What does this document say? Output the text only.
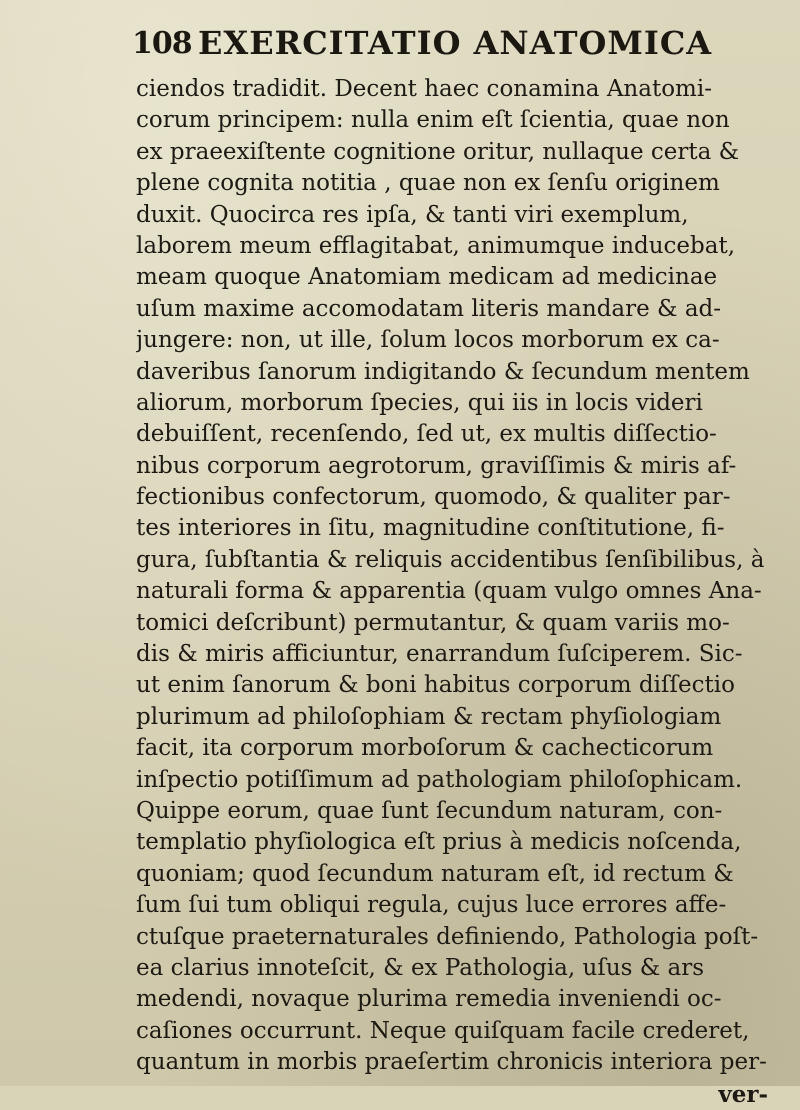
108 EXERCITATIO ANATOMICA
ciendos tradidit. Decent haec conamina Anatomi-
corum principem: nulla enim eſt ſcientia, quae non
ex praeexiſtente cognitione oritur, nullaque certa &
plene cognita notitia , quae non ex ſenſu originem
duxit. Quocirca res ipſa, & tanti viri exemplum,
laborem meum efflagitabat, animumque inducebat,
meam quoque Anatomiam medicam ad medicinae
uſum maxime accomodatam literis mandare & ad-
jungere: non, ut ille, ſolum locos morborum ex ca-
daveribus ſanorum indigitando & ſecundum mentem
aliorum, morborum ſpecies, qui iis in locis videri
debuiſſent, recenſendo, ſed ut, ex multis diſſectio-
nibus corporum aegrotorum, graviſſimis & miris af-
fectionibus confectorum, quomodo, & qualiter par-
tes interiores in ſitu, magnitudine conſtitutione, fi-
gura, ſubſtantia & reliquis accidentibus ſenſibilibus, à
naturali forma & apparentia (quam vulgo omnes Ana-
tomici deſcribunt) permutantur, & quam variis mo-
dis & miris afficiuntur, enarrandum ſuſciperem. Sic-
ut enim ſanorum & boni habitus corporum diſſectio
plurimum ad philoſophiam & rectam phyſiologiam
facit, ita corporum morboſorum & cachecticorum
inſpectio potiſſimum ad pathologiam philoſophicam.
Quippe eorum, quae ſunt ſecundum naturam, con-
templatio phyſiologica eſt prius à medicis noſcenda,
quoniam; quod ſecundum naturam eſt, id rectum &
ſum ſui tum obliqui regula, cujus luce errores affe-
ctuſque praeternaturales definiendo, Pathologia poſt-
ea clarius innoteſcit, & ex Pathologia, uſus & ars
medendi, novaque plurima remedia inveniendi oc-
caſiones occurrunt. Neque quiſquam facile crederet,
quantum in morbis praeſertim chronicis interiora per-
ver-
